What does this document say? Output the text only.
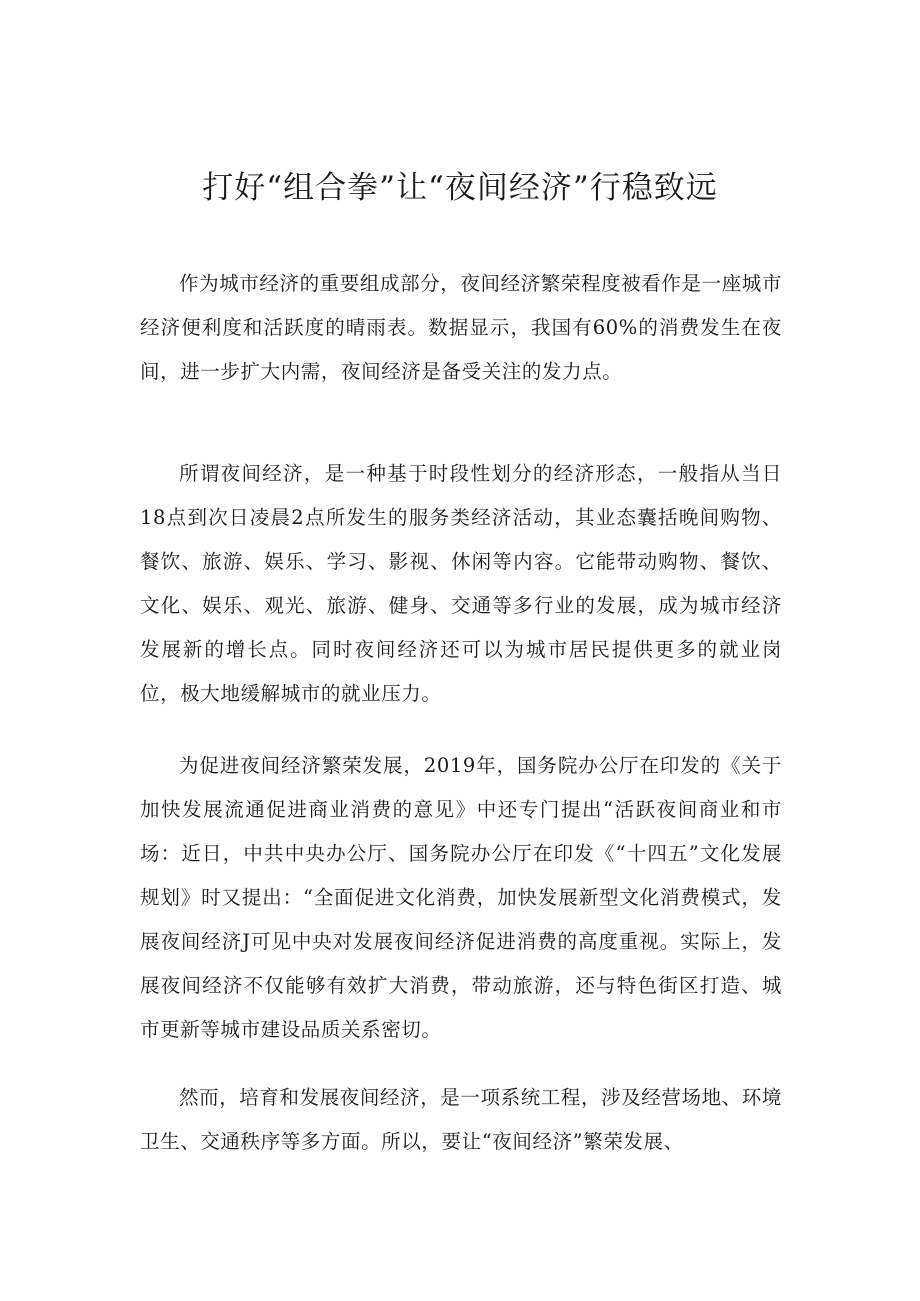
打好“组合拳”让“夜间经济”行稳致远

作为城市经济的重要组成部分，夜间经济繁荣程度被看作是一座城市经济便利度和活跃度的晴雨表。数据显示，我国有60%的消费发生在夜间，进一步扩大内需，夜间经济是备受关注的发力点。

所谓夜间经济，是一种基于时段性划分的经济形态，一般指从当日18点到次日凌晨2点所发生的服务类经济活动，其业态囊括晚间购物、餐饮、旅游、娱乐、学习、影视、休闲等内容。它能带动购物、餐饮、文化、娱乐、观光、旅游、健身、交通等多行业的发展，成为城市经济发展新的增长点。同时夜间经济还可以为城市居民提供更多的就业岗位，极大地缓解城市的就业压力。

为促进夜间经济繁荣发展，2019年，国务院办公厅在印发的《关于加快发展流通促进商业消费的意见》中还专门提出“活跃夜间商业和市场：近日，中共中央办公厅、国务院办公厅在印发《“十四五”文化发展规划》时又提出：“全面促进文化消费，加快发展新型文化消费模式，发展夜间经济J可见中央对发展夜间经济促进消费的高度重视。实际上，发展夜间经济不仅能够有效扩大消费，带动旅游，还与特色街区打造、城市更新等城市建设品质关系密切。

然而，培育和发展夜间经济，是一项系统工程，涉及经营场地、环境卫生、交通秩序等多方面。所以，要让“夜间经济”繁荣发展、
